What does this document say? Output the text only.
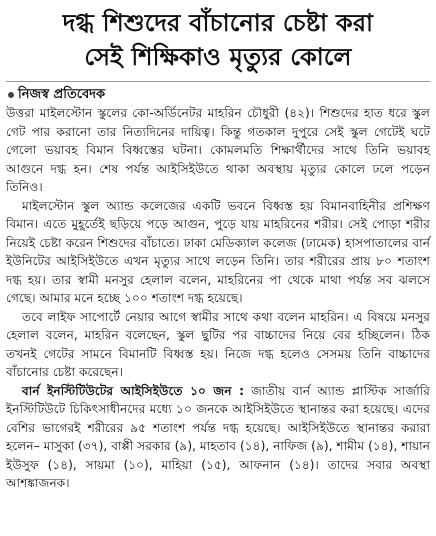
দগ্ধ শিশুদের বাঁচানোর চেষ্টা করা
সেই শিক্ষিকাও মৃত্যুর কোলে
নিজস্ব প্রতিবেদক

উত্তরা মাইলস্টোন স্কুলের কো-অর্ডিনেটর মাহরিন চৌধুরী (৪২)। শিশুদের হাত ধরে স্কুল গেট পার করানো তার নিত্যদিনের দায়িত্ব। কিন্তু গতকাল দুপুরে সেই স্কুল গেটেই ঘটে গেলো ভয়াবহ বিমান বিধ্বস্তের ঘটনা। কোমলমতি শিক্ষার্থীদের সাথে তিনি ভয়াবহ আগুনে দগ্ধ হন। শেষ পর্যন্ত আইসিইউতে থাকা অবস্থায় মৃত্যুর কোলে ঢলে পড়েন তিনিও।

মাইলস্টোন স্কুল অ্যান্ড কলেজের একটি ভবনে বিধ্বস্ত হয় বিমানবাহিনীর প্রশিক্ষণ বিমান। এতে মুহূর্তেই ছড়িয়ে পড়ে আগুন, পুড়ে যায় মাহরিনের শরীর। সেই পোড়া শরীর নিয়েই চেষ্টা করেন শিশুদের বাঁচাতে। ঢাকা মেডিক্যাল কলেজ (ঢামেক) হাসপাতালের বার্ন ইউনিটের আইসিইউতে এখন মৃত্যুর সাথে লড়েন তিনি। তার শরীরের প্রায় ৮০ শতাংশ দগ্ধ হয়। তার স্বামী মনসুর হেলাল বলেন, মাহরিনের পা থেকে মাথা পর্যন্ত সব ঝলসে গেছে। আমার মনে হচ্ছে ১০০ শতাংশ দগ্ধ হয়েছে।

তবে লাইফ সাপোর্টে নেয়ার আগে স্বামীর সাথে কথা বলেন মাহরিন। এ বিষয়ে মনসুর হেলাল বলেন, মাহরিন বলেছেন, স্কুল ছুটির পর বাচ্চাদের নিয়ে বের হচ্ছিলেন। ঠিক তখনই গেটের সামনে বিমানটি বিধ্বস্ত হয়। নিজে দগ্ধ হলেও সেসময় তিনি বাচ্চাদের বাঁচানোর চেষ্টা করেছেন।

বার্ন ইনস্টিটিউটের আইসিইউতে ১০ জন : জাতীয় বার্ন অ্যান্ড প্লাস্টিক সার্জারি ইনস্টিটিউটে চিকিৎসাধীনদের মধ্যে ১০ জনকে আইসিইউতে স্থানান্তর করা হয়েছে। এদের বেশির ভাগেরই শরীরের ৯৫ শতাংশ পর্যন্ত দগ্ধ হয়েছে। আইসিইউতে স্থানান্তর করারা হলেন– মাসুকা (৩৭), বাপ্পী সরকার (৯), মাহতাব (১৪), নাফিজ (৯), শামীম (১৪), শায়ান ইউসুফ (১৪), সায়মা (১০), মাহিয়া (১৫), আফনান (১৪)। তাদের সবার অবস্থা আশঙ্কাজনক।
